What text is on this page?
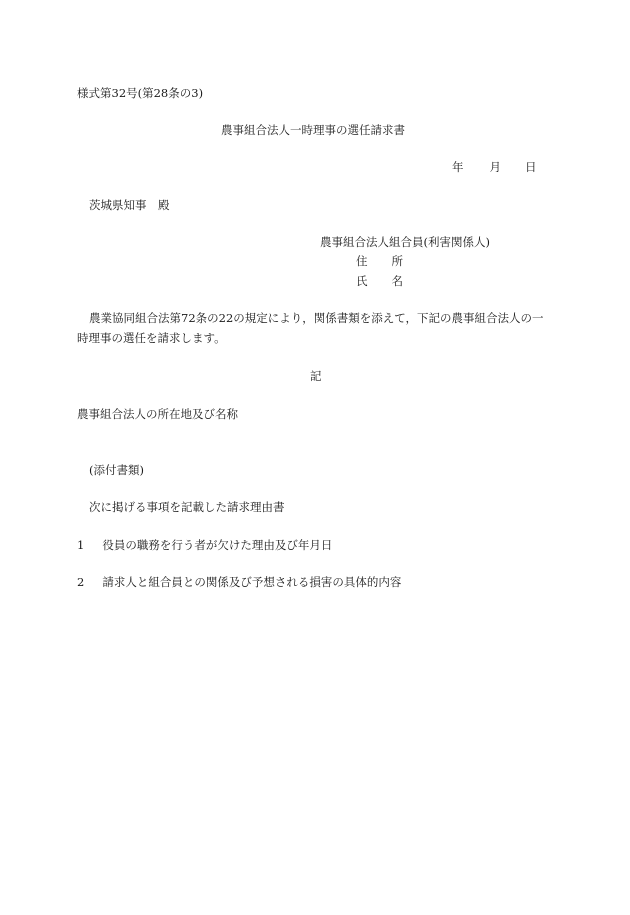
様式第32号(第28条の3)
農事組合法人一時理事の選任請求書
年 月 日
茨城県知事　殿
農事組合法人組合員(利害関係人)
住 所
氏 名
農業協同組合法第72条の22の規定により，関係書類を添えて，下記の農事組合法人の一
時理事の選任を請求します。
記
農事組合法人の所在地及び名称
(添付書類)
次に掲げる事項を記載した請求理由書
1 役員の職務を行う者が欠けた理由及び年月日
2 請求人と組合員との関係及び予想される損害の具体的内容
